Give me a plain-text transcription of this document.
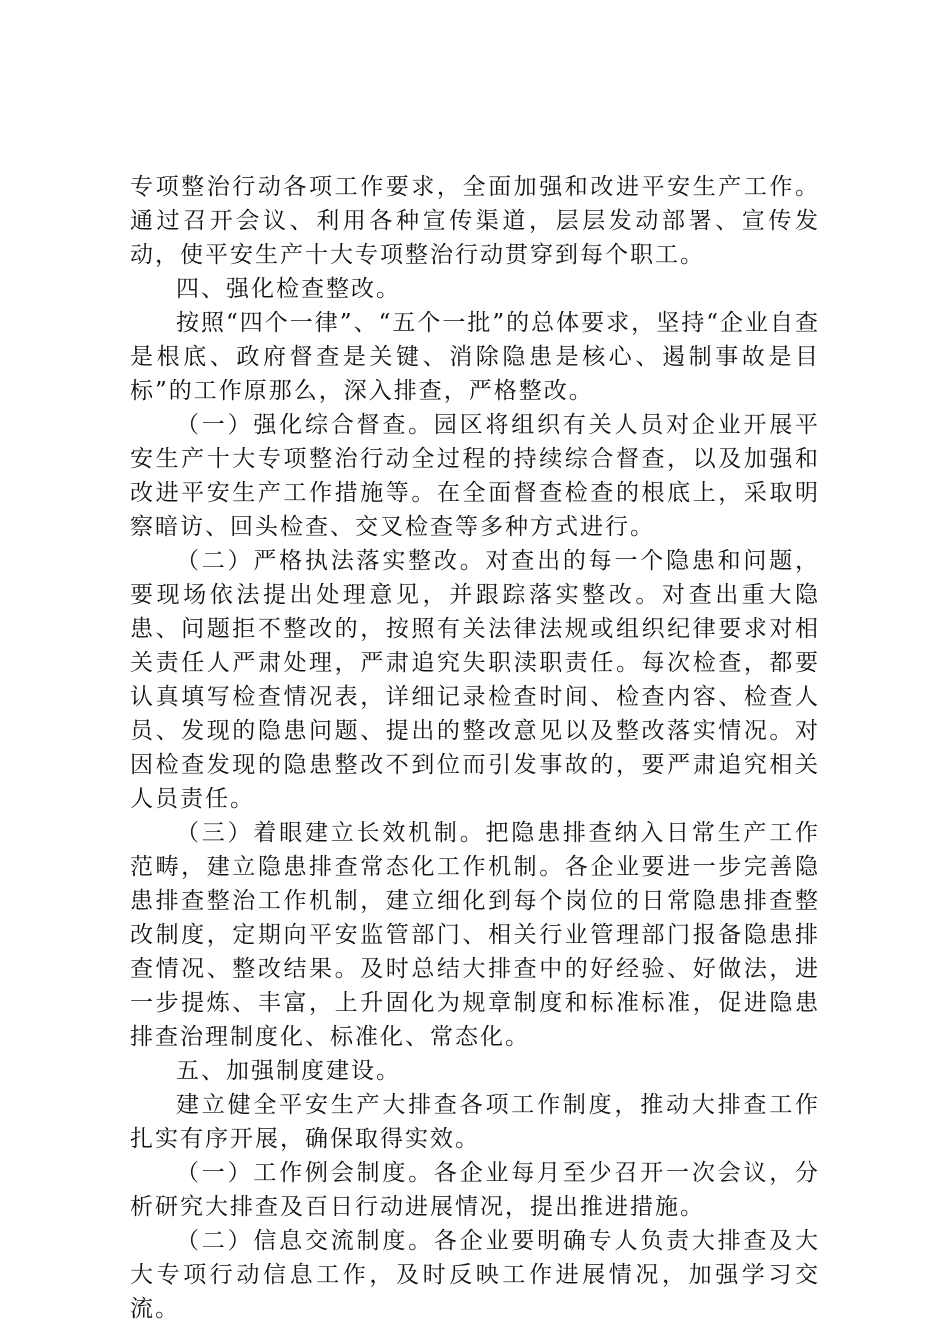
专项整治行动各项工作要求，全面加强和改进平安生产工作。通过召开会议、利用各种宣传渠道，层层发动部署、宣传发动，使平安生产十大专项整治行动贯穿到每个职工。

四、强化检查整改。

按照“四个一律”、“五个一批”的总体要求，坚持“企业自查是根底、政府督查是关键、消除隐患是核心、遏制事故是目标”的工作原那么，深入排查，严格整改。

（一）强化综合督查。园区将组织有关人员对企业开展平安生产十大专项整治行动全过程的持续综合督查，以及加强和改进平安生产工作措施等。在全面督查检查的根底上，采取明察暗访、回头检查、交叉检查等多种方式进行。

（二）严格执法落实整改。对查出的每一个隐患和问题，要现场依法提出处理意见，并跟踪落实整改。对查出重大隐患、问题拒不整改的，按照有关法律法规或组织纪律要求对相关责任人严肃处理，严肃追究失职渎职责任。每次检查，都要认真填写检查情况表，详细记录检查时间、检查内容、检查人员、发现的隐患问题、提出的整改意见以及整改落实情况。对因检查发现的隐患整改不到位而引发事故的，要严肃追究相关人员责任。

（三）着眼建立长效机制。把隐患排查纳入日常生产工作范畴，建立隐患排查常态化工作机制。各企业要进一步完善隐患排查整治工作机制，建立细化到每个岗位的日常隐患排查整改制度，定期向平安监管部门、相关行业管理部门报备隐患排查情况、整改结果。及时总结大排查中的好经验、好做法，进一步提炼、丰富，上升固化为规章制度和标准标准，促进隐患排查治理制度化、标准化、常态化。

五、加强制度建设。

建立健全平安生产大排查各项工作制度，推动大排查工作扎实有序开展，确保取得实效。

（一）工作例会制度。各企业每月至少召开一次会议，分析研究大排查及百日行动进展情况，提出推进措施。

（二）信息交流制度。各企业要明确专人负责大排查及大大专项行动信息工作，及时反映工作进展情况，加强学习交流。
